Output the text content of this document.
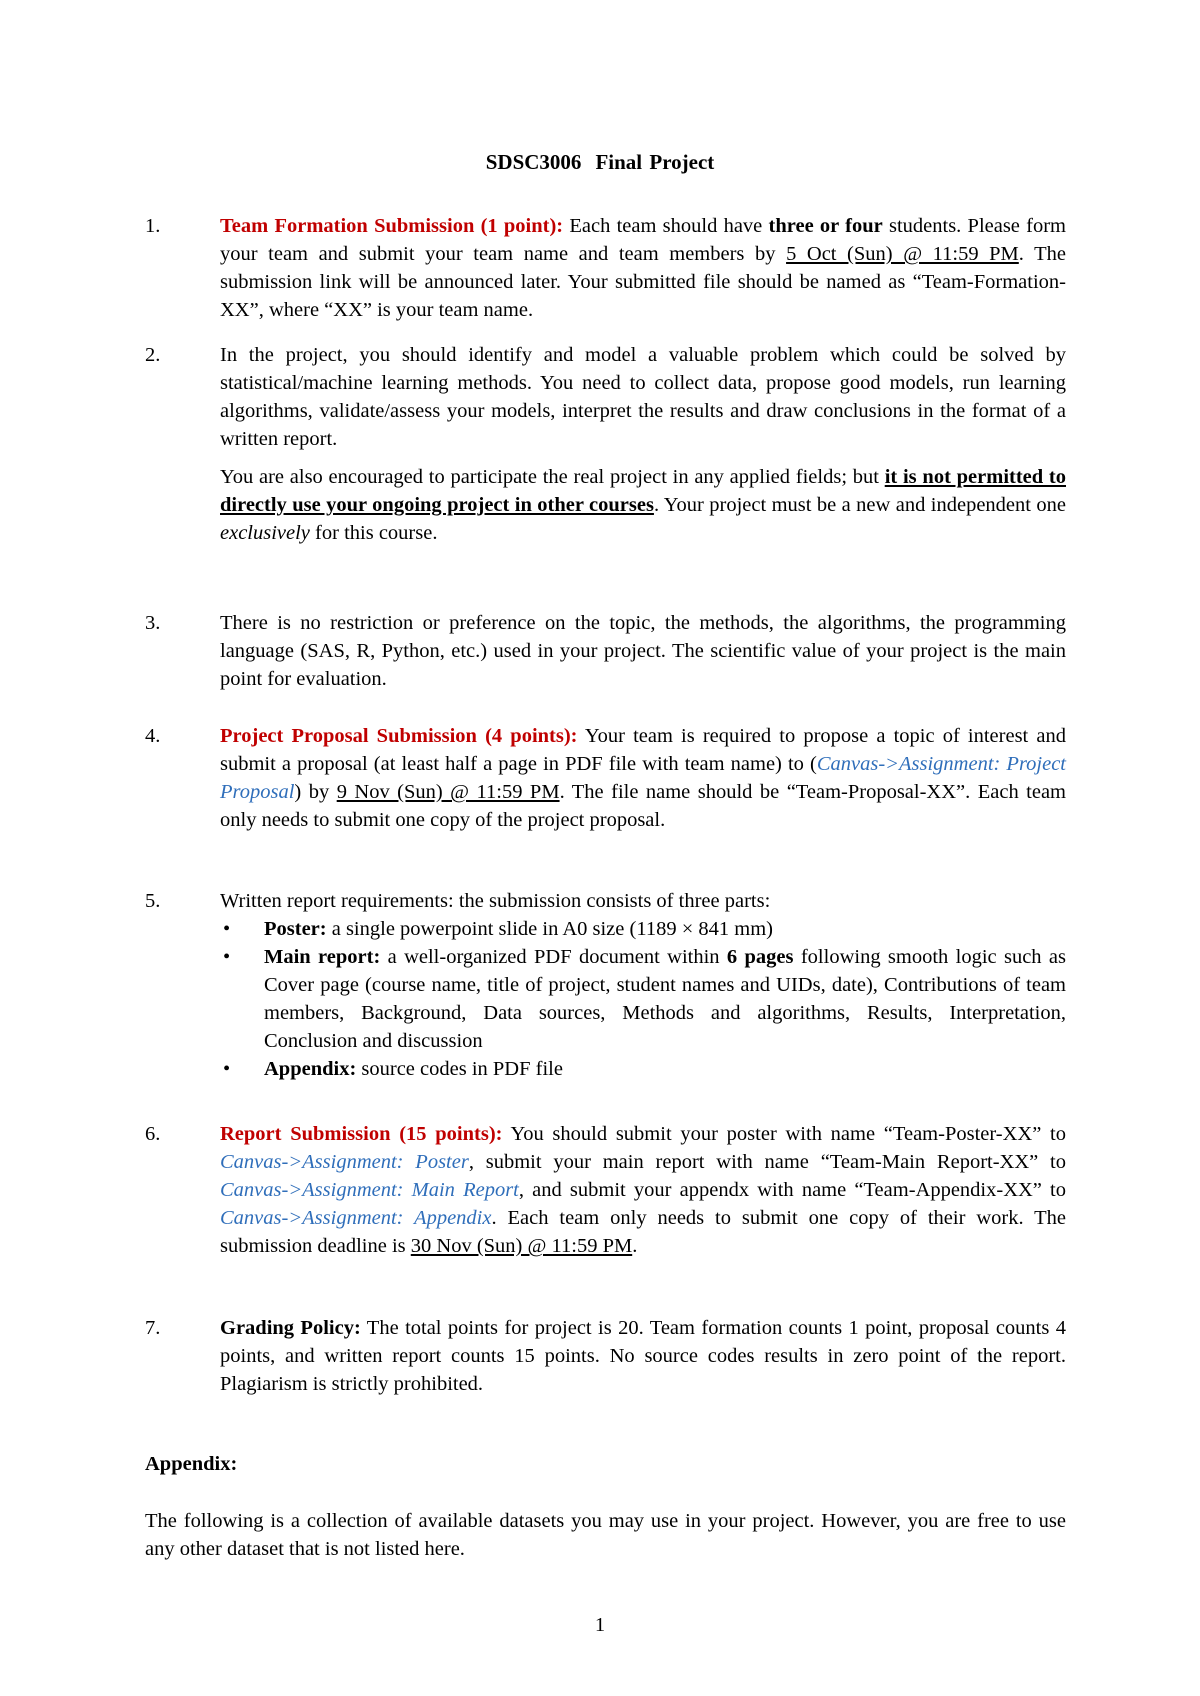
SDSC3006 Final Project
1.	Team Formation Submission (1 point): Each team should have three or four students. Please form your team and submit your team name and team members by 5 Oct (Sun) @ 11:59 PM. The submission link will be announced later. Your submitted file should be named as “Team-Formation-XX”, where “XX” is your team name.
2.	In the project, you should identify and model a valuable problem which could be solved by statistical/machine learning methods. You need to collect data, propose good models, run learning algorithms, validate/assess your models, interpret the results and draw conclusions in the format of a written report.
You are also encouraged to participate the real project in any applied fields; but it is not permitted to directly use your ongoing project in other courses. Your project must be a new and independent one exclusively for this course.
3.	There is no restriction or preference on the topic, the methods, the algorithms, the programming language (SAS, R, Python, etc.) used in your project. The scientific value of your project is the main point for evaluation.
4.	Project Proposal Submission (4 points): Your team is required to propose a topic of interest and submit a proposal (at least half a page in PDF file with team name) to (Canvas->Assignment: Project Proposal) by 9 Nov (Sun) @ 11:59 PM. The file name should be “Team-Proposal-XX”. Each team only needs to submit one copy of the project proposal.
5.	Written report requirements: the submission consists of three parts:
• Poster: a single powerpoint slide in A0 size (1189 × 841 mm)
• Main report: a well-organized PDF document within 6 pages following smooth logic such as Cover page (course name, title of project, student names and UIDs, date), Contributions of team members, Background, Data sources, Methods and algorithms, Results, Interpretation, Conclusion and discussion
• Appendix: source codes in PDF file
6.	Report Submission (15 points): You should submit your poster with name “Team-Poster-XX” to Canvas->Assignment: Poster, submit your main report with name “Team-Main Report-XX” to Canvas->Assignment: Main Report, and submit your appendx with name “Team-Appendix-XX” to Canvas->Assignment: Appendix. Each team only needs to submit one copy of their work. The submission deadline is 30 Nov (Sun) @ 11:59 PM.
7.	Grading Policy: The total points for project is 20. Team formation counts 1 point, proposal counts 4 points, and written report counts 15 points. No source codes results in zero point of the report. Plagiarism is strictly prohibited.
Appendix:
The following is a collection of available datasets you may use in your project. However, you are free to use any other dataset that is not listed here.
1
